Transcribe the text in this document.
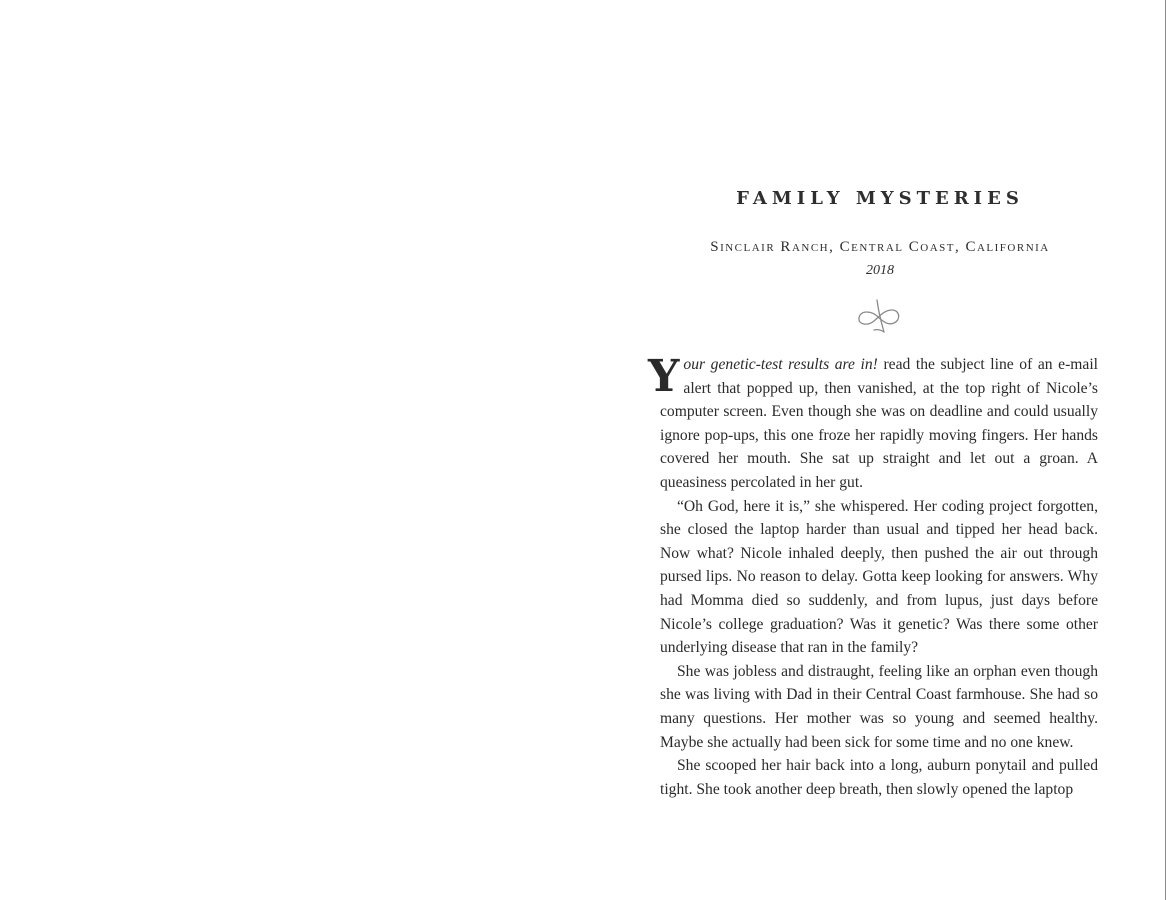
FAMILY MYSTERIES
Sinclair Ranch, Central Coast, California
2018

Your genetic-test results are in! read the subject line of an e-mail alert that popped up, then vanished, at the top right of Nicole’s computer screen. Even though she was on deadline and could usually ignore pop-ups, this one froze her rapidly moving fingers. Her hands covered her mouth. She sat up straight and let out a groan. A queasiness percolated in her gut.

“Oh God, here it is,” she whispered. Her coding project forgotten, she closed the laptop harder than usual and tipped her head back. Now what? Nicole inhaled deeply, then pushed the air out through pursed lips. No reason to delay. Gotta keep looking for answers. Why had Momma died so suddenly, and from lupus, just days before Nicole’s college graduation? Was it genetic? Was there some other underlying disease that ran in the family?

She was jobless and distraught, feeling like an orphan even though she was living with Dad in their Central Coast farmhouse. She had so many questions. Her mother was so young and seemed healthy. Maybe she actually had been sick for some time and no one knew.

She scooped her hair back into a long, auburn ponytail and pulled tight. She took another deep breath, then slowly opened the laptop
